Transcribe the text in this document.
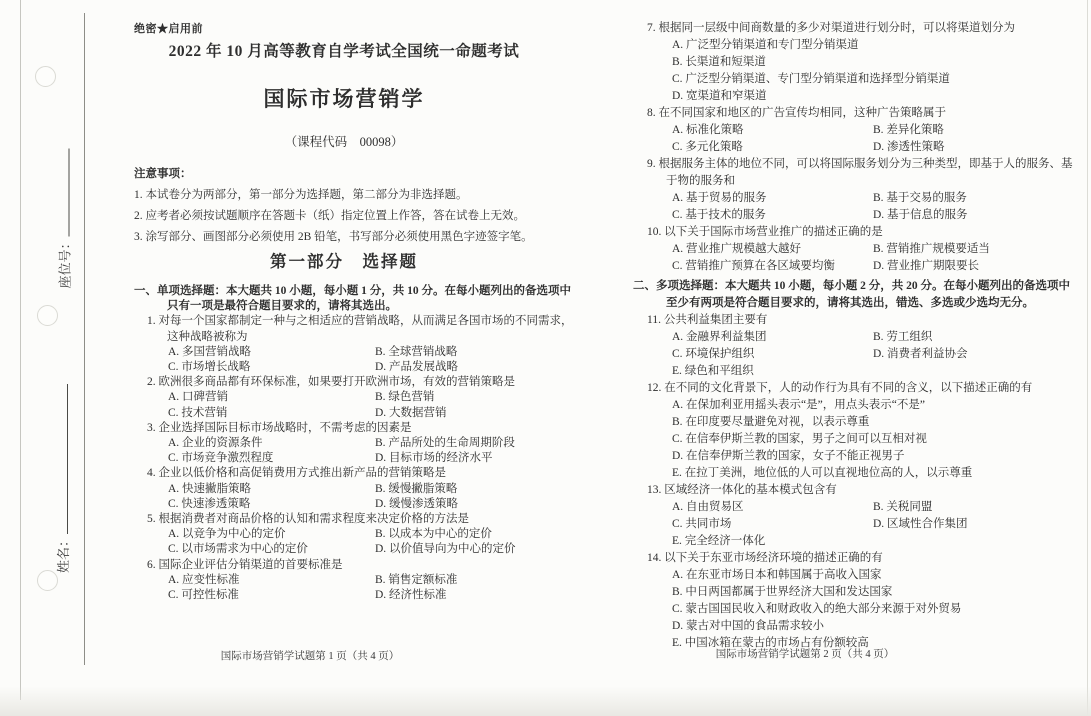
座位号：
姓名：
绝密★启用前
2022 年 10 月高等教育自学考试全国统一命题考试
国际市场营销学
（课程代码　00098）
注意事项：
1. 本试卷分为两部分，第一部分为选择题，第二部分为非选择题。
2. 应考者必须按试题顺序在答题卡（纸）指定位置上作答，答在试卷上无效。
3. 涂写部分、画图部分必须使用 2B 铅笔，书写部分必须使用黑色字迹签字笔。
第一部分　选择题
一、单项选择题：本大题共 10 小题，每小题 1 分，共 10 分。在每小题列出的备选项中
只有一项是最符合题目要求的，请将其选出。
1. 对每一个国家都制定一种与之相适应的营销战略，从而满足各国市场的不同需求，
这种战略被称为
A. 多国营销战略	B. 全球营销战略
C. 市场增长战略	D. 产品发展战略
2. 欧洲很多商品都有环保标准，如果要打开欧洲市场，有效的营销策略是
A. 口碑营销	B. 绿色营销
C. 技术营销	D. 大数据营销
3. 企业选择国际目标市场战略时，不需考虑的因素是
A. 企业的资源条件	B. 产品所处的生命周期阶段
C. 市场竞争激烈程度	D. 目标市场的经济水平
4. 企业以低价格和高促销费用方式推出新产品的营销策略是
A. 快速撇脂策略	B. 缓慢撇脂策略
C. 快速渗透策略	D. 缓慢渗透策略
5. 根据消费者对商品价格的认知和需求程度来决定价格的方法是
A. 以竞争为中心的定价	B. 以成本为中心的定价
C. 以市场需求为中心的定价	D. 以价值导向为中心的定价
6. 国际企业评估分销渠道的首要标准是
A. 应变性标准	B. 销售定额标准
C. 可控性标准	D. 经济性标准
国际市场营销学试题第 1 页（共 4 页）
7. 根据同一层级中间商数量的多少对渠道进行划分时，可以将渠道划分为
A. 广泛型分销渠道和专门型分销渠道
B. 长渠道和短渠道
C. 广泛型分销渠道、专门型分销渠道和选择型分销渠道
D. 宽渠道和窄渠道
8. 在不同国家和地区的广告宣传均相同，这种广告策略属于
A. 标准化策略	B. 差异化策略
C. 多元化策略	D. 渗透性策略
9. 根据服务主体的地位不同，可以将国际服务划分为三种类型，即基于人的服务、基
于物的服务和
A. 基于贸易的服务	B. 基于交易的服务
C. 基于技术的服务	D. 基于信息的服务
10. 以下关于国际市场营业推广的描述正确的是
A. 营业推广规模越大越好	B. 营销推广规模要适当
C. 营销推广预算在各区域要均衡	D. 营业推广期限要长
二、多项选择题：本大题共 10 小题，每小题 2 分，共 20 分。在每小题列出的备选项中
至少有两项是符合题目要求的，请将其选出，错选、多选或少选均无分。
11. 公共利益集团主要有
A. 金融界利益集团	B. 劳工组织
C. 环境保护组织	D. 消费者利益协会
E. 绿色和平组织
12. 在不同的文化背景下，人的动作行为具有不同的含义，以下描述正确的有
A. 在保加利亚用摇头表示“是”，用点头表示“不是”
B. 在印度要尽量避免对视，以表示尊重
C. 在信奉伊斯兰教的国家，男子之间可以互相对视
D. 在信奉伊斯兰教的国家，女子不能正视男子
E. 在拉丁美洲，地位低的人可以直视地位高的人，以示尊重
13. 区域经济一体化的基本模式包含有
A. 自由贸易区	B. 关税同盟
C. 共同市场	D. 区域性合作集团
E. 完全经济一体化
14. 以下关于东亚市场经济环境的描述正确的有
A. 在东亚市场日本和韩国属于高收入国家
B. 中日两国都属于世界经济大国和发达国家
C. 蒙古国国民收入和财政收入的绝大部分来源于对外贸易
D. 蒙古对中国的食品需求较小
E. 中国冰箱在蒙古的市场占有份额较高
国际市场营销学试题第 2 页（共 4 页）
